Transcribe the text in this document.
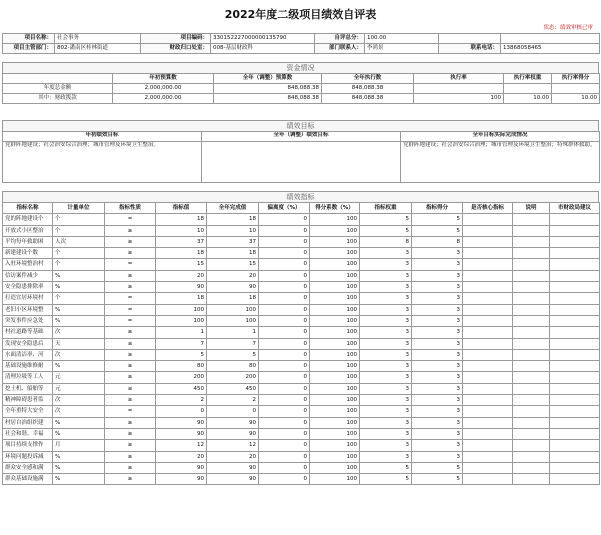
2022年度二级项目绩效自评表
状态：绩效审核已审
项目名称：	社会事务	项目编码：	330152227000000135790	自评总分：	100.00		
项目主管部门：	802-潘南区桂林街道	财政归口处室：	008-基层财政科	部门联系人：	李鸿景	联系电话：	13868058465
资金情况
	年初预算数	全年（调整）预算数	全年执行数	执行率	执行率权重	执行率得分
年度总金额	2,000,000.00	848,088.38	848,088.38			
其中：财政拨款	2,000,000.00	848,088.38	848,088.38	100	10.00	10.00
绩效目标
年初绩效目标	全年（调整）绩效目标	全年目标实际完成情况
党群阵地建设；社会治安综合治理；城市管理及环境卫生整治。		党群阵地建设；社会治安综合治理；城市管理及环境卫生整治；特殊群体救助。
绩效指标
指标名称	计量单位	指标性质	指标值	全年完成值	偏离度（%）	得分系数（%）	指标权重	指标得分	是否核心指标	说明	市财政局建议
党的阵地建设个	个	=	18	18	0	100	5	5			
开放式小区整治	个	≥	10	10	0	100	5	5			
平均每年救助困	人次	≥	37	37	0	100	8	8			
新建建设个数	个	≥	18	18	0	100	3	3			
入驻环境整治村	个	=	15	15	0	100	3	3			
信访案件减少	%	≥	20	20	0	100	3	3			
安全隐患排除率	%	≥	90	90	0	100	3	3			
打造宜居环境村	个	=	18	18	0	100	3	3			
老旧小区环境整	%	=	100	100	0	100	3	3			
突发事件应急处	%	=	100	100	0	100	3	3			
村社道路等基础	次	≥	1	1	0	100	3	3			
发现安全隐患后	天	≤	7	7	0	100	3	3			
水面清洁率、河	次	≥	5	5	0	100	3	3			
基础设施维修耐	%	≥	80	80	0	100	3	3			
清理垃圾等工人	元	≥	200	200	0	100	3	3			
挖土机、船舶等	元	≤	450	450	0	100	3	3			
精神障碍患者监	次	≥	2	2	0	100	3	3			
全年重特大安全	次	=	0	0	0	100	3	3			
村居自治组织建	%	≥	90	90	0	100	3	3			
社会和谐、幸福	%	≥	90	90	0	100	3	3			
项目持续支撑作	月	≥	12	12	0	100	3	3			
环境问题投诉減	%	≥	20	20	0	100	3	3			
群众安全感和满	%	≥	90	90	0	100	5	5			
群众基础设施满	%	≥	90	90	0	100	5	5			
